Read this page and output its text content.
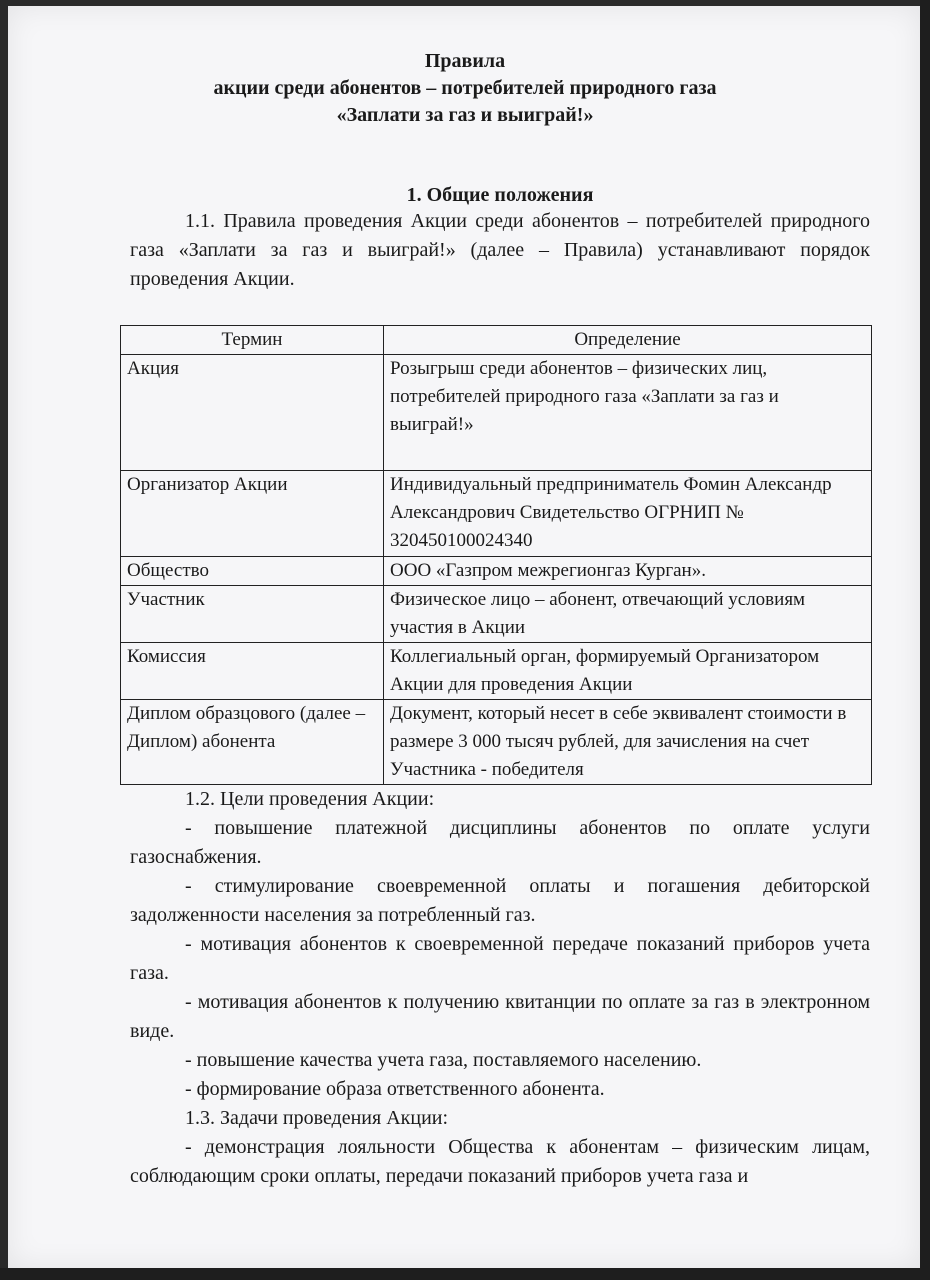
Правила
акции среди абонентов – потребителей природного газа
«Заплати за газ и выиграй!»
1. Общие положения
1.1. Правила проведения Акции среди абонентов – потребителей природного газа «Заплати за газ и выиграй!» (далее – Правила) устанавливают порядок проведения Акции.
Термин	Определение
Акция	Розыгрыш среди абонентов – физических лиц, потребителей природного газа «Заплати за газ и выиграй!»
Организатор Акции	Индивидуальный предприниматель Фомин Александр Александрович Свидетельство ОГРНИП № 320450100024340
Общество	ООО «Газпром межрегионгаз Курган».
Участник	Физическое лицо – абонент, отвечающий условиям участия в Акции
Комиссия	Коллегиальный орган, формируемый Организатором Акции для проведения Акции
Диплом образцового (далее – Диплом) абонента	Документ, который несет в себе эквивалент стоимости в размере 3 000 тысяч рублей, для зачисления на счет Участника - победителя

1.2. Цели проведения Акции:

- повышение платежной дисциплины абонентов по оплате услуги газоснабжения.

- стимулирование своевременной оплаты и погашения дебиторской задолженности населения за потребленный газ.

- мотивация абонентов к своевременной передаче показаний приборов учета газа.

- мотивация абонентов к получению квитанции по оплате за газ в электронном виде.

- повышение качества учета газа, поставляемого населению.

- формирование образа ответственного абонента.

1.3. Задачи проведения Акции:

- демонстрация лояльности Общества к абонентам – физическим лицам, соблюдающим сроки оплаты, передачи показаний приборов учета газа и
